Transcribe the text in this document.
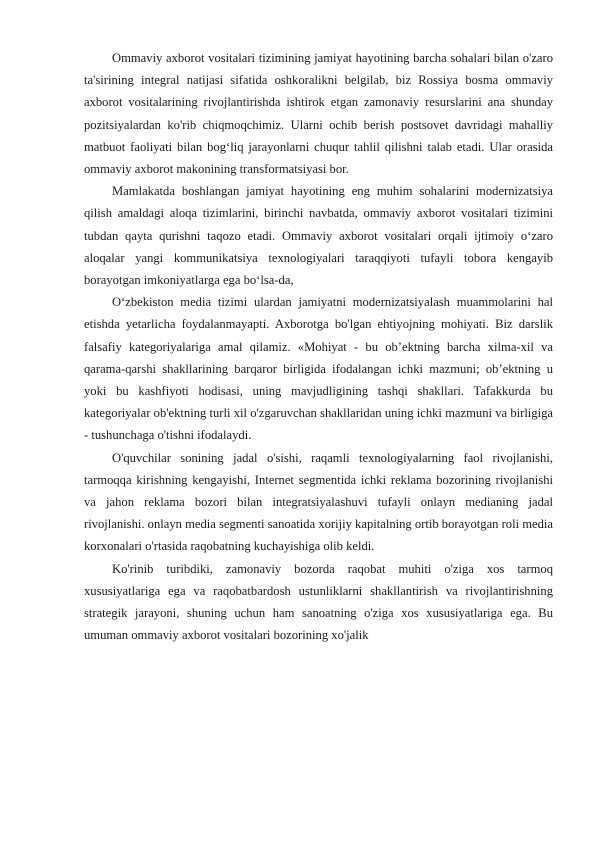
Ommaviy axborot vositalari tizimining jamiyat hayotining barcha sohalari bilan o'zaro ta'sirining integral natijasi sifatida oshkoralikni belgilab, biz Rossiya bosma ommaviy axborot vositalarining rivojlantirishda ishtirok etgan zamonaviy resurslarini ana shunday pozitsiyalardan ko'rib chiqmoqchimiz. Ularni ochib berish postsovet davridagi mahalliy matbuot faoliyati bilan bog‘liq jarayonlarni chuqur tahlil qilishni talab etadi. Ular orasida ommaviy axborot makonining transformatsiyasi bor.

Mamlakatda boshlangan jamiyat hayotining eng muhim sohalarini modernizatsiya qilish amaldagi aloqa tizimlarini, birinchi navbatda, ommaviy axborot vositalari tizimini tubdan qayta qurishni taqozo etadi. Ommaviy axborot vositalari orqali ijtimoiy o‘zaro aloqalar yangi kommunikatsiya texnologiyalari taraqqiyoti tufayli tobora kengayib borayotgan imkoniyatlarga ega bo‘lsa-da,

O‘zbekiston media tizimi ulardan jamiyatni modernizatsiyalash muammolarini hal etishda yetarlicha foydalanmayapti. Axborotga bo'lgan ehtiyojning mohiyati. Biz darslik falsafiy kategoriyalariga amal qilamiz. «Mohiyat - bu ob’ektning barcha xilma-xil va qarama-qarshi shakllarining barqaror birligida ifodalangan ichki mazmuni; ob’ektning u yoki bu kashfiyoti hodisasi, uning mavjudligining tashqi shakllari. Tafakkurda bu kategoriyalar ob'ektning turli xil o'zgaruvchan shakllaridan uning ichki mazmuni va birligiga - tushunchaga o'tishni ifodalaydi.

O'quvchilar sonining jadal o'sishi, raqamli texnologiyalarning faol rivojlanishi, tarmoqqa kirishning kengayishi, Internet segmentida ichki reklama bozorining rivojlanishi va jahon reklama bozori bilan integratsiyalashuvi tufayli onlayn medianing jadal rivojlanishi. onlayn media segmenti sanoatida xorijiy kapitalning ortib borayotgan roli media korxonalari o'rtasida raqobatning kuchayishiga olib keldi.

Ko'rinib turibdiki, zamonaviy bozorda raqobat muhiti o'ziga xos tarmoq xususiyatlariga ega va raqobatbardosh ustunliklarni shakllantirish va rivojlantirishning strategik jarayoni, shuning uchun ham sanoatning o'ziga xos xususiyatlariga ega. Bu umuman ommaviy axborot vositalari bozorining xo'jalik
